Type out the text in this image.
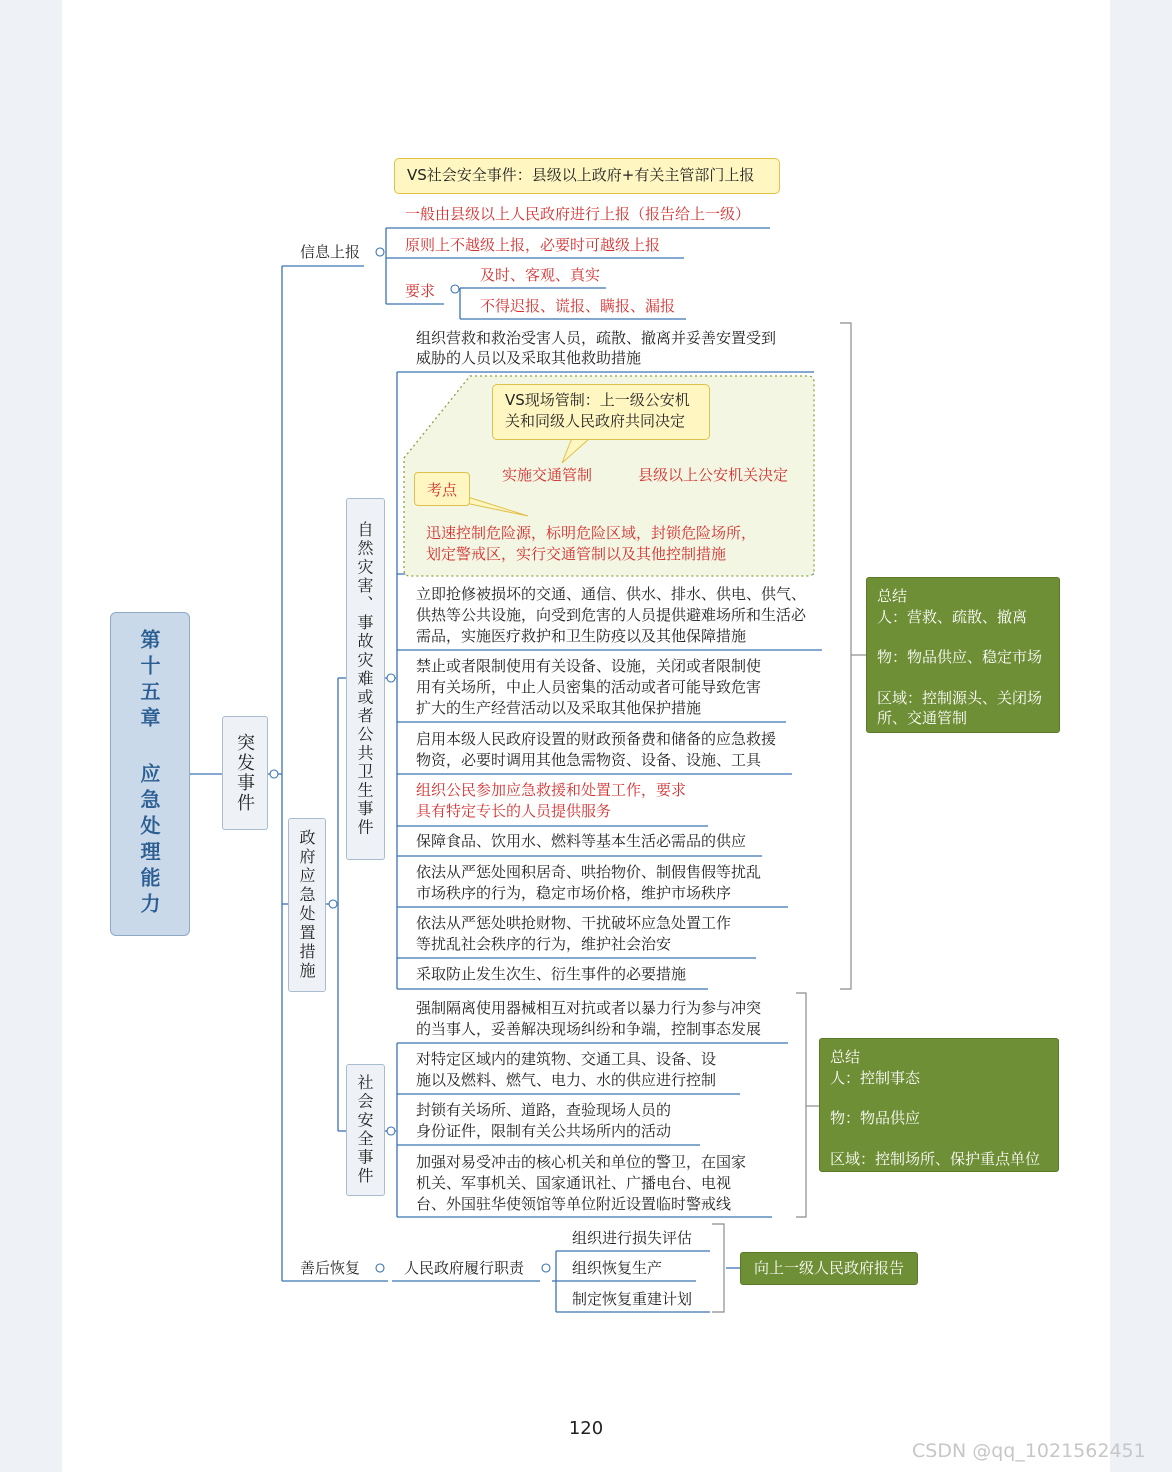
第十五章 应急处理能力	突发事件
信息上报
VS社会安全事件：县级以上政府+有关主管部门上报
一般由县级以上人民政府进行上报（报告给上一级）
原则上不越级上报，必要时可越级上报
要求
及时、客观、真实
不得迟报、谎报、瞒报、漏报
政府应急处置措施
自然灾害、事故灾难或者公共卫生事件
组织营救和救治受害人员，疏散、撤离并妥善安置受到
威胁的人员以及采取其他救助措施
VS现场管制：上一级公安机
关和同级人民政府共同决定
考点
实施交通管制	县级以上公安机关决定
迅速控制危险源，标明危险区域，封锁危险场所，
划定警戒区，实行交通管制以及其他控制措施
立即抢修被损坏的交通、通信、供水、排水、供电、供气、
供热等公共设施，向受到危害的人员提供避难场所和生活必
需品，实施医疗救护和卫生防疫以及其他保障措施
禁止或者限制使用有关设备、设施，关闭或者限制使
用有关场所，中止人员密集的活动或者可能导致危害
扩大的生产经营活动以及采取其他保护措施
启用本级人民政府设置的财政预备费和储备的应急救援
物资，必要时调用其他急需物资、设备、设施、工具
组织公民参加应急救援和处置工作，要求
具有特定专长的人员提供服务
保障食品、饮用水、燃料等基本生活必需品的供应
依法从严惩处囤积居奇、哄抬物价、制假售假等扰乱
市场秩序的行为，稳定市场价格，维护市场秩序
依法从严惩处哄抢财物、干扰破坏应急处置工作
等扰乱社会秩序的行为，维护社会治安
采取防止发生次生、衍生事件的必要措施
总结
人：营救、疏散、撤离
物：物品供应、稳定市场
区域：控制源头、关闭场
所、交通管制
社会安全事件
强制隔离使用器械相互对抗或者以暴力行为参与冲突
的当事人，妥善解决现场纠纷和争端，控制事态发展
对特定区域内的建筑物、交通工具、设备、设
施以及燃料、燃气、电力、水的供应进行控制
封锁有关场所、道路，查验现场人员的
身份证件，限制有关公共场所内的活动
加强对易受冲击的核心机关和单位的警卫，在国家
机关、军事机关、国家通讯社、广播电台、电视
台、外国驻华使领馆等单位附近设置临时警戒线
总结
人：控制事态
物：物品供应
区域：控制场所、保护重点单位
善后恢复	人民政府履行职责
组织进行损失评估
组织恢复生产
制定恢复重建计划
向上一级人民政府报告
120
CSDN @qq_1021562451
